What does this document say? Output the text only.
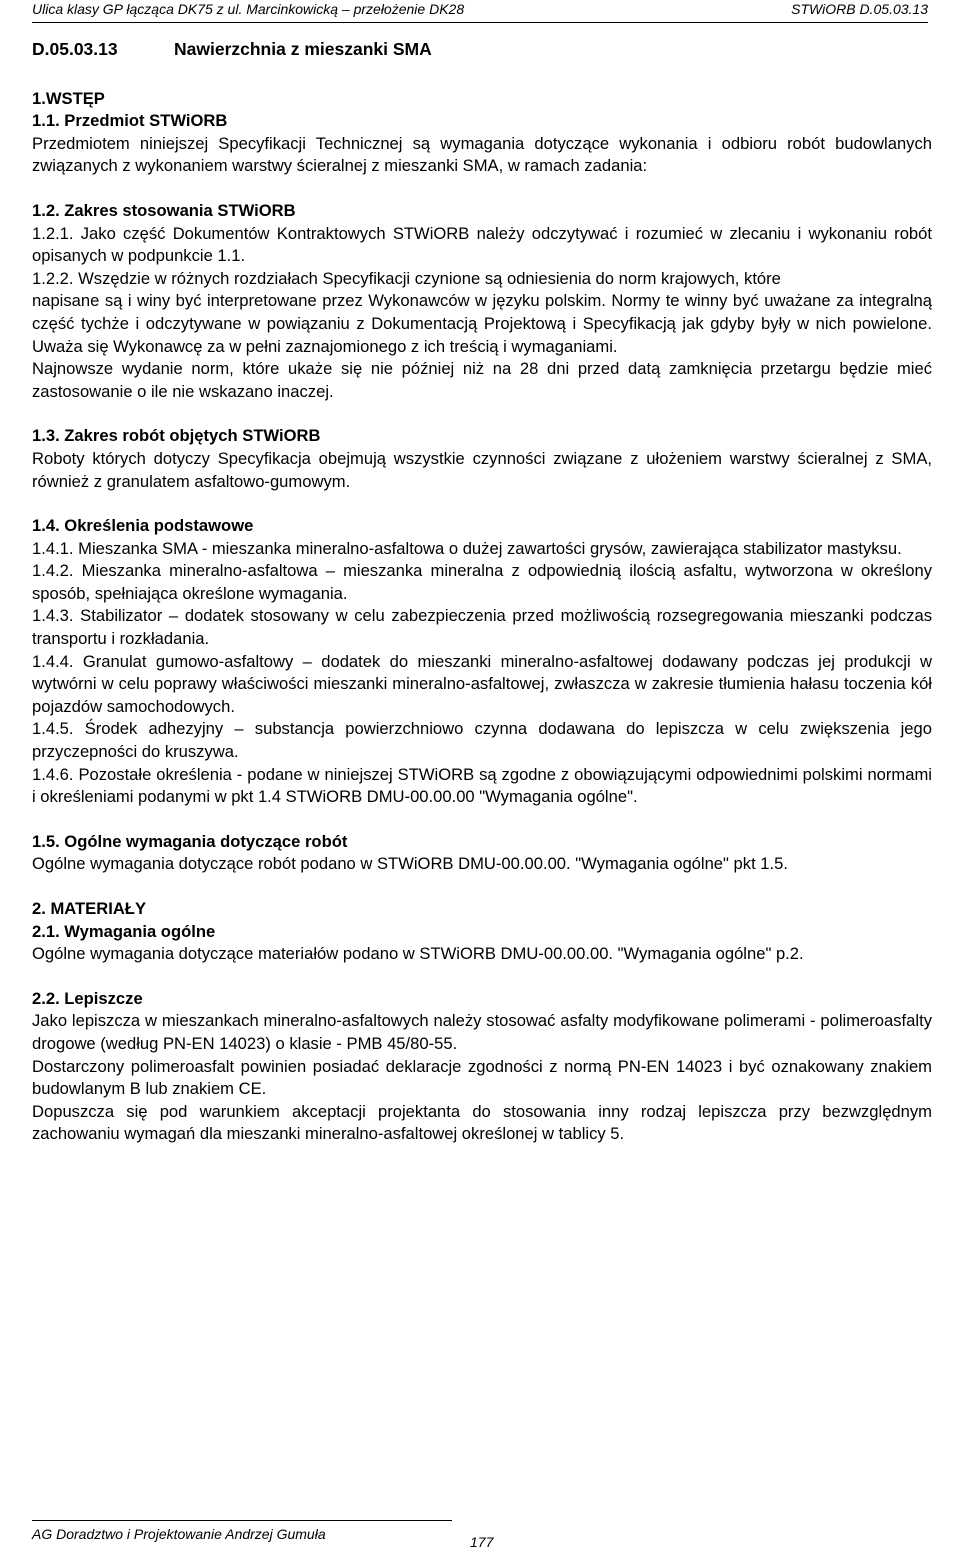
Ulica klasy GP łącząca DK75 z ul. Marcinkowicką – przełożenie DK28	STWiORB D.05.03.13
D.05.03.13	Nawierzchnia z mieszanki SMA
1.WSTĘP
1.1. Przedmiot STWiORB

Przedmiotem niniejszej Specyfikacji Technicznej są wymagania dotyczące wykonania i odbioru robót budowlanych związanych z wykonaniem warstwy ścieralnej z mieszanki SMA, w ramach zadania:

1.2. Zakres stosowania STWiORB

1.2.1. Jako część Dokumentów Kontraktowych STWiORB należy odczytywać i rozumieć w zlecaniu i wykonaniu robót opisanych w podpunkcie 1.1.

1.2.2. Wszędzie w różnych rozdziałach Specyfikacji czynione są odniesienia do norm krajowych, które

napisane są i winy być interpretowane przez Wykonawców w języku polskim. Normy te winny być uważane za integralną część tychże i odczytywane w powiązaniu z Dokumentacją Projektową i Specyfikacją jak gdyby były w nich powielone. Uważa się Wykonawcę za w pełni zaznajomionego z ich treścią i wymaganiami.

Najnowsze wydanie norm, które ukaże się nie później niż na 28 dni przed datą zamknięcia przetargu będzie mieć zastosowanie o ile nie wskazano inaczej.

1.3. Zakres robót objętych STWiORB

Roboty których dotyczy Specyfikacja obejmują wszystkie czynności związane z ułożeniem warstwy ścieralnej z SMA, również z granulatem asfaltowo-gumowym.

1.4. Określenia podstawowe

1.4.1. Mieszanka SMA - mieszanka mineralno-asfaltowa o dużej zawartości grysów, zawierająca stabilizator mastyksu.

1.4.2. Mieszanka mineralno-asfaltowa – mieszanka mineralna z odpowiednią ilością asfaltu, wytworzona w określony sposób, spełniająca określone wymagania.

1.4.3. Stabilizator – dodatek stosowany w celu zabezpieczenia przed możliwością rozsegregowania mieszanki podczas transportu i rozkładania.

1.4.4. Granulat gumowo-asfaltowy – dodatek do mieszanki mineralno-asfaltowej dodawany podczas jej produkcji w wytwórni w celu poprawy właściwości mieszanki mineralno-asfaltowej, zwłaszcza w zakresie tłumienia hałasu toczenia kół pojazdów samochodowych.

1.4.5. Środek adhezyjny – substancja powierzchniowo czynna dodawana do lepiszcza w celu zwiększenia jego przyczepności do kruszywa.

1.4.6. Pozostałe określenia - podane w niniejszej STWiORB są zgodne z obowiązującymi odpowiednimi polskimi normami i określeniami podanymi w pkt 1.4 STWiORB DMU-00.00.00 "Wymagania ogólne".

1.5. Ogólne wymagania dotyczące robót

Ogólne wymagania dotyczące robót podano w STWiORB DMU-00.00.00. "Wymagania ogólne" pkt 1.5.

2. MATERIAŁY
2.1. Wymagania ogólne

Ogólne wymagania dotyczące materiałów podano w STWiORB DMU-00.00.00. "Wymagania ogólne" p.2.

2.2. Lepiszcze

Jako lepiszcza w mieszankach mineralno-asfaltowych należy stosować asfalty modyfikowane polimerami - polimeroasfalty drogowe (według PN-EN 14023) o klasie - PMB 45/80-55.

Dostarczony polimeroasfalt powinien posiadać deklaracje zgodności z normą PN-EN 14023 i być oznakowany znakiem budowlanym B lub znakiem CE.

Dopuszcza się pod warunkiem akceptacji projektanta do stosowania inny rodzaj lepiszcza przy bezwzględnym zachowaniu wymagań dla mieszanki mineralno-asfaltowej określonej w tablicy 5.

AG Doradztwo i Projektowanie Andrzej Gumuła	177
